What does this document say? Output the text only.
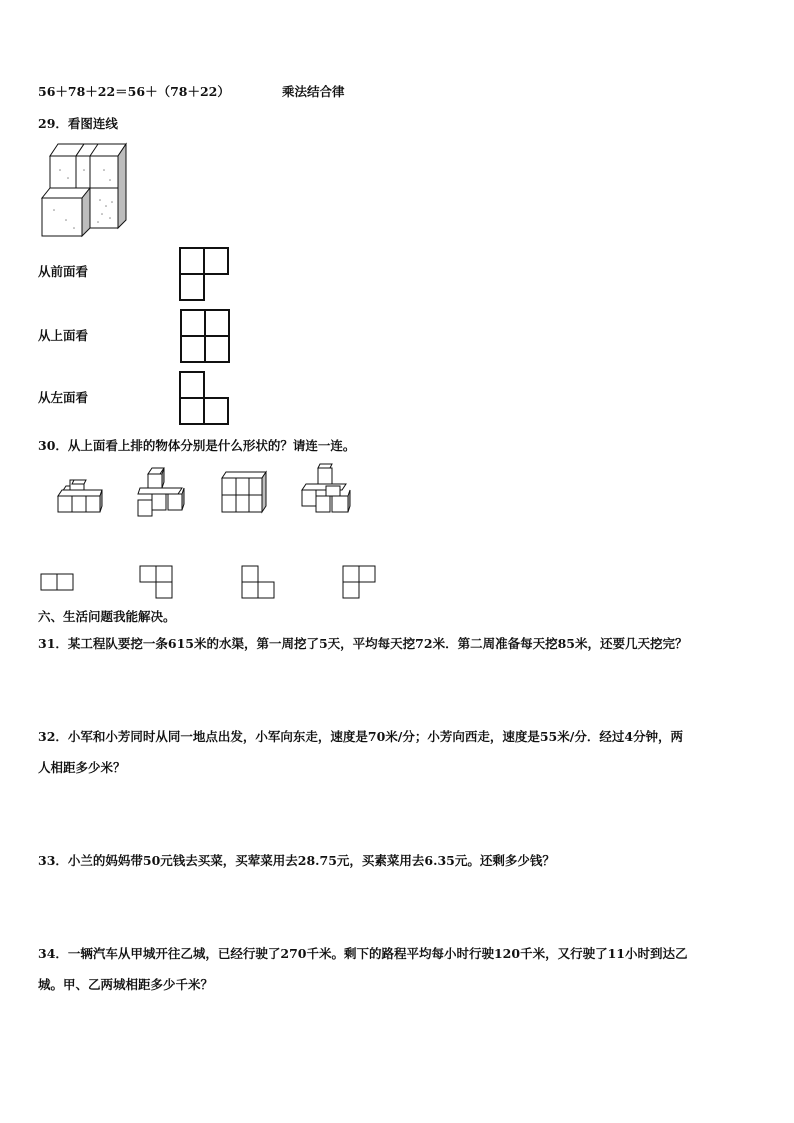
56＋78＋22＝56＋（78＋22）	乘法结合律
29．看图连线
从前面看
从上面看
从左面看
30．从上面看上排的物体分别是什么形状的？请连一连。
六、生活问题我能解决。
31．某工程队要挖一条615米的水渠，第一周挖了5天，平均每天挖72米．第二周准备每天挖85米，还要几天挖完？
32．小军和小芳同时从同一地点出发，小军向东走，速度是70米/分；小芳向西走，速度是55米/分．经过4分钟，两
人相距多少米？
33．小兰的妈妈带50元钱去买菜，买荤菜用去28.75元，买素菜用去6.35元。还剩多少钱？
34．一辆汽车从甲城开往乙城，已经行驶了270千米。剩下的路程平均每小时行驶120千米，又行驶了11小时到达乙
城。甲、乙两城相距多少千米？
